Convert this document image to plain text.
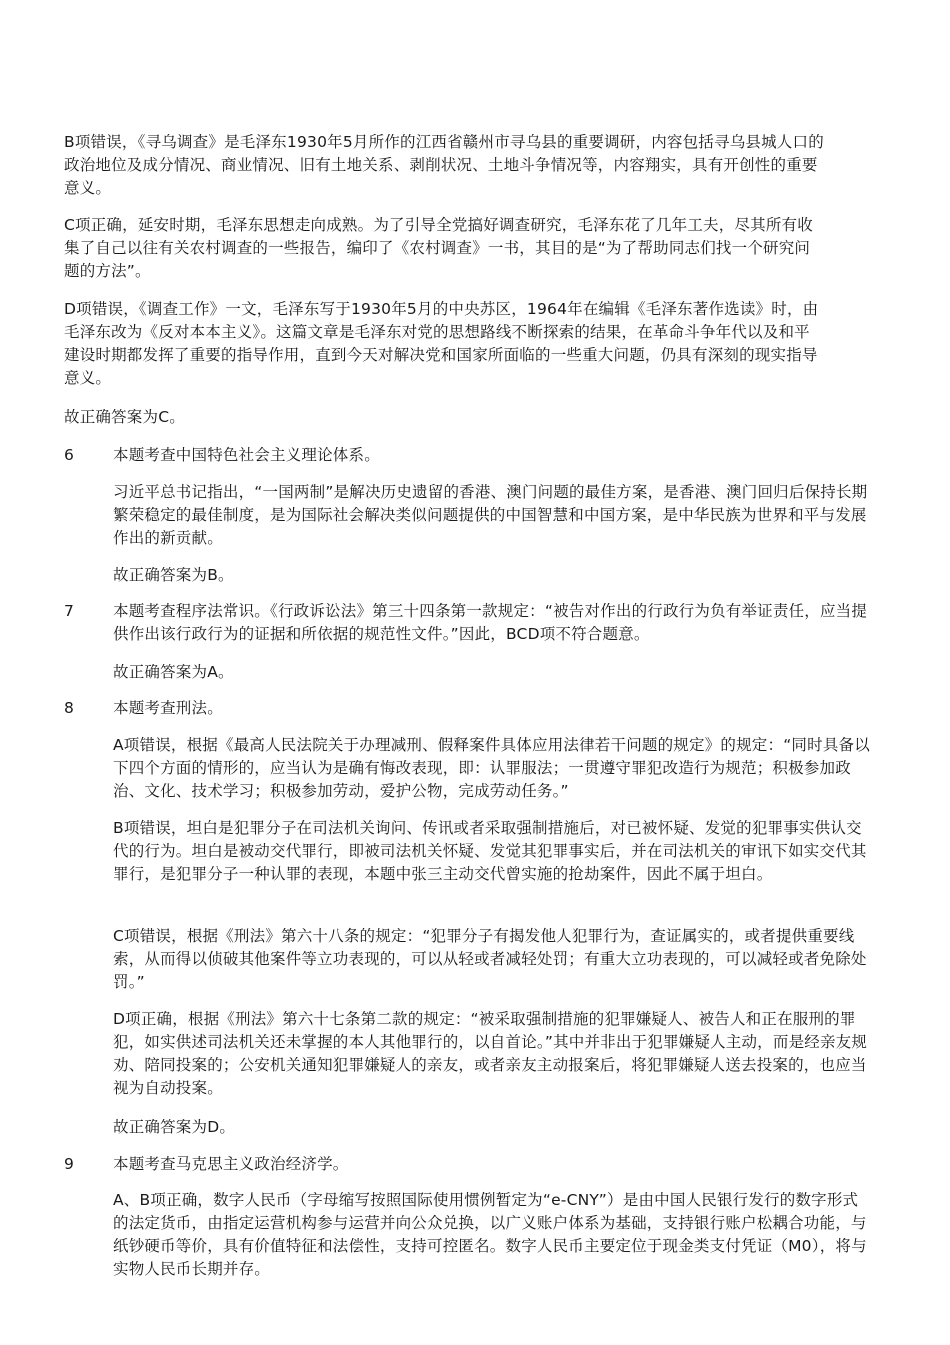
B项错误，《寻乌调查》是毛泽东1930年5月所作的江西省赣州市寻乌县的重要调研，内容包括寻乌县城人口的政治地位及成分情况、商业情况、旧有土地关系、剥削状况、土地斗争情况等，内容翔实，具有开创性的重要意义。
C项正确，延安时期，毛泽东思想走向成熟。为了引导全党搞好调查研究，毛泽东花了几年工夫，尽其所有收集了自己以往有关农村调查的一些报告，编印了《农村调查》一书，其目的是“为了帮助同志们找一个研究问题的方法”。
D项错误，《调查工作》一文，毛泽东写于1930年5月的中央苏区，1964年在编辑《毛泽东著作选读》时，由毛泽东改为《反对本本主义》。这篇文章是毛泽东对党的思想路线不断探索的结果，在革命斗争年代以及和平建设时期都发挥了重要的指导作用，直到今天对解决党和国家所面临的一些重大问题，仍具有深刻的现实指导意义。
故正确答案为C。
6	本题考查中国特色社会主义理论体系。
习近平总书记指出，“一国两制”是解决历史遗留的香港、澳门问题的最佳方案，是香港、澳门回归后保持长期繁荣稳定的最佳制度，是为国际社会解决类似问题提供的中国智慧和中国方案，是中华民族为世界和平与发展作出的新贡献。
故正确答案为B。
7	本题考查程序法常识。《行政诉讼法》第三十四条第一款规定：“被告对作出的行政行为负有举证责任，应当提供作出该行政行为的证据和所依据的规范性文件。”因此，BCD项不符合题意。
故正确答案为A。
8	本题考查刑法。
A项错误，根据《最高人民法院关于办理减刑、假释案件具体应用法律若干问题的规定》的规定：“同时具备以下四个方面的情形的，应当认为是确有悔改表现，即：认罪服法；一贯遵守罪犯改造行为规范；积极参加政治、文化、技术学习；积极参加劳动，爱护公物，完成劳动任务。”
B项错误，坦白是犯罪分子在司法机关询问、传讯或者采取强制措施后，对已被怀疑、发觉的犯罪事实供认交代的行为。坦白是被动交代罪行，即被司法机关怀疑、发觉其犯罪事实后，并在司法机关的审讯下如实交代其罪行，是犯罪分子一种认罪的表现，本题中张三主动交代曾实施的抢劫案件，因此不属于坦白。
C项错误，根据《刑法》第六十八条的规定：“犯罪分子有揭发他人犯罪行为，查证属实的，或者提供重要线索，从而得以侦破其他案件等立功表现的，可以从轻或者减轻处罚；有重大立功表现的，可以减轻或者免除处罚。”
D项正确，根据《刑法》第六十七条第二款的规定：“被采取强制措施的犯罪嫌疑人、被告人和正在服刑的罪犯，如实供述司法机关还未掌握的本人其他罪行的，以自首论。”其中并非出于犯罪嫌疑人主动，而是经亲友规劝、陪同投案的；公安机关通知犯罪嫌疑人的亲友，或者亲友主动报案后，将犯罪嫌疑人送去投案的，也应当视为自动投案。
故正确答案为D。
9	本题考查马克思主义政治经济学。
A、B项正确，数字人民币（字母缩写按照国际使用惯例暂定为“e-CNY”）是由中国人民银行发行的数字形式的法定货币，由指定运营机构参与运营并向公众兑换，以广义账户体系为基础，支持银行账户松耦合功能，与纸钞硬币等价，具有价值特征和法偿性，支持可控匿名。数字人民币主要定位于现金类支付凭证（M0），将与实物人民币长期并存。
